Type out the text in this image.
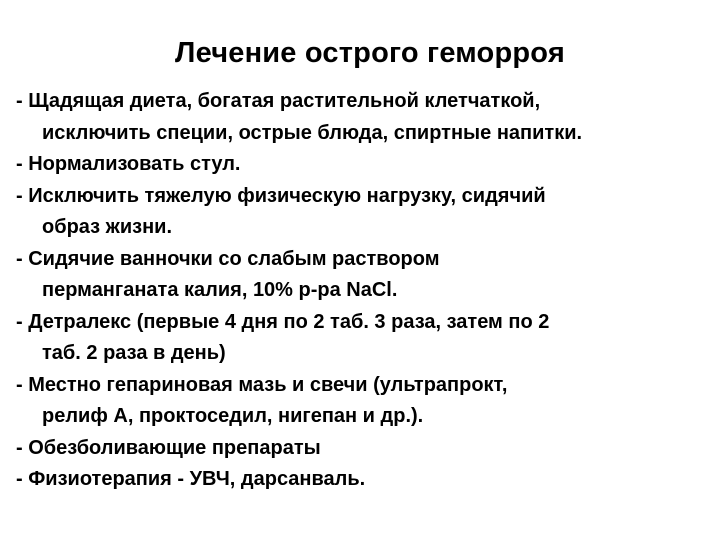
Лечение острого геморроя
- Щадящая диета, богатая растительной клетчаткой,
исключить специи, острые блюда, спиртные напитки.
- Нормализовать стул.
- Исключить тяжелую физическую нагрузку, сидячий
образ жизни.
- Сидячие ванночки со слабым раствором
перманганата калия, 10% р-ра NaCl.
- Детралекс (первые 4 дня по 2 таб. 3 раза, затем по 2
таб. 2 раза в день)
- Местно гепариновая мазь и свечи (ультрапрокт,
релиф А, проктоседил, нигепан и др.).
- Обезболивающие препараты
- Физиотерапия - УВЧ, дарсанваль.
